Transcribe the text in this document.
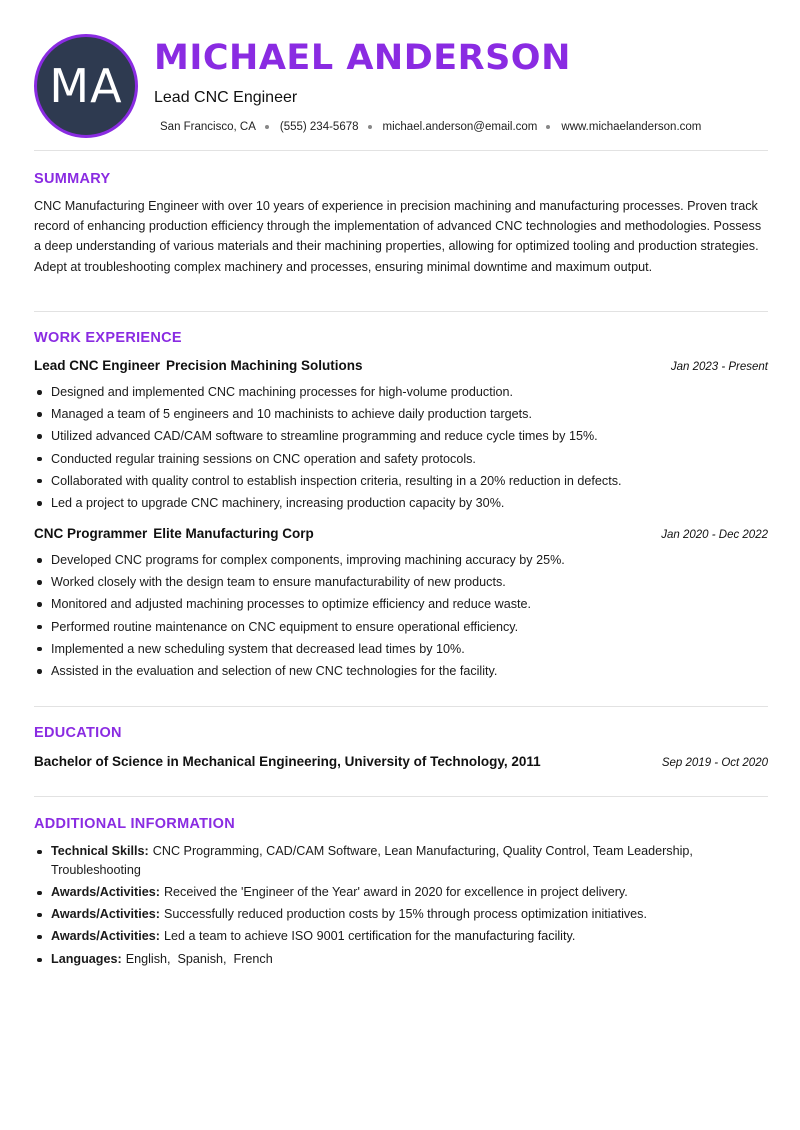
MA
MICHAEL ANDERSON
Lead CNC Engineer
San Francisco, CA (555) 234-5678 michael.anderson@email.com www.michaelanderson.com
SUMMARY
CNC Manufacturing Engineer with over 10 years of experience in precision machining and manufacturing processes. Proven track record of enhancing production efficiency through the implementation of advanced CNC technologies and methodologies. Possess a deep understanding of various materials and their machining properties, allowing for optimized tooling and production strategies. Adept at troubleshooting complex machinery and processes, ensuring minimal downtime and maximum output.
WORK EXPERIENCE
Lead CNC Engineer Precision Machining Solutions	Jan 2023 - Present
Designed and implemented CNC machining processes for high-volume production.
Managed a team of 5 engineers and 10 machinists to achieve daily production targets.
Utilized advanced CAD/CAM software to streamline programming and reduce cycle times by 15%.
Conducted regular training sessions on CNC operation and safety protocols.
Collaborated with quality control to establish inspection criteria, resulting in a 20% reduction in defects.
Led a project to upgrade CNC machinery, increasing production capacity by 30%.
CNC Programmer Elite Manufacturing Corp	Jan 2020 - Dec 2022
Developed CNC programs for complex components, improving machining accuracy by 25%.
Worked closely with the design team to ensure manufacturability of new products.
Monitored and adjusted machining processes to optimize efficiency and reduce waste.
Performed routine maintenance on CNC equipment to ensure operational efficiency.
Implemented a new scheduling system that decreased lead times by 10%.
Assisted in the evaluation and selection of new CNC technologies for the facility.
EDUCATION
Bachelor of Science in Mechanical Engineering, University of Technology, 2011	Sep 2019 - Oct 2020
ADDITIONAL INFORMATION
Technical Skills: CNC Programming, CAD/CAM Software, Lean Manufacturing, Quality Control, Team Leadership, Troubleshooting
Awards/Activities: Received the 'Engineer of the Year' award in 2020 for excellence in project delivery.
Awards/Activities: Successfully reduced production costs by 15% through process optimization initiatives.
Awards/Activities: Led a team to achieve ISO 9001 certification for the manufacturing facility.
Languages: English,  Spanish,  French
